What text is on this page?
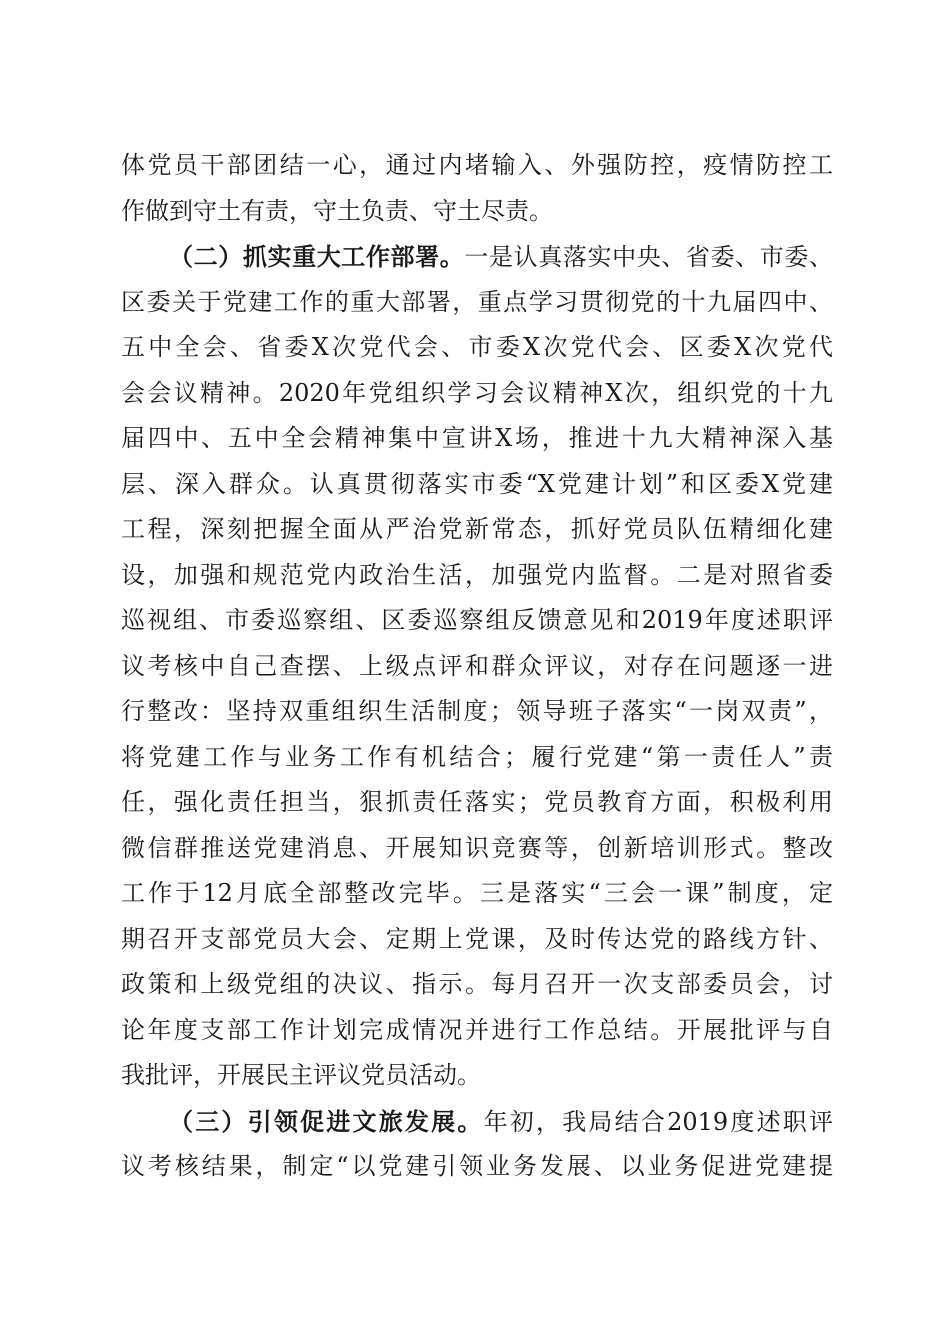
体党员干部团结一心，通过内堵输入、外强防控，疫情防控工
作做到守土有责，守土负责、守土尽责。
（二）抓实重大工作部署。一是认真落实中央、省委、市委、
区委关于党建工作的重大部署，重点学习贯彻党的十九届四中、
五中全会、省委X次党代会、市委X次党代会、区委X次党代
会会议精神。2020年党组织学习会议精神X次，组织党的十九
届四中、五中全会精神集中宣讲X场，推进十九大精神深入基
层、深入群众。认真贯彻落实市委“X党建计划”和区委X党建
工程，深刻把握全面从严治党新常态，抓好党员队伍精细化建
设，加强和规范党内政治生活，加强党内监督。二是对照省委
巡视组、市委巡察组、区委巡察组反馈意见和2019年度述职评
议考核中自己查摆、上级点评和群众评议，对存在问题逐一进
行整改：坚持双重组织生活制度；领导班子落实“一岗双责”，
将党建工作与业务工作有机结合；履行党建“第一责任人”责
任，强化责任担当，狠抓责任落实；党员教育方面，积极利用
微信群推送党建消息、开展知识竞赛等，创新培训形式。整改
工作于12月底全部整改完毕。三是落实“三会一课”制度，定
期召开支部党员大会、定期上党课，及时传达党的路线方针、
政策和上级党组的决议、指示。每月召开一次支部委员会，讨
论年度支部工作计划完成情况并进行工作总结。开展批评与自
我批评，开展民主评议党员活动。
（三）引领促进文旅发展。年初，我局结合2019度述职评
议考核结果，制定“以党建引领业务发展、以业务促进党建提
